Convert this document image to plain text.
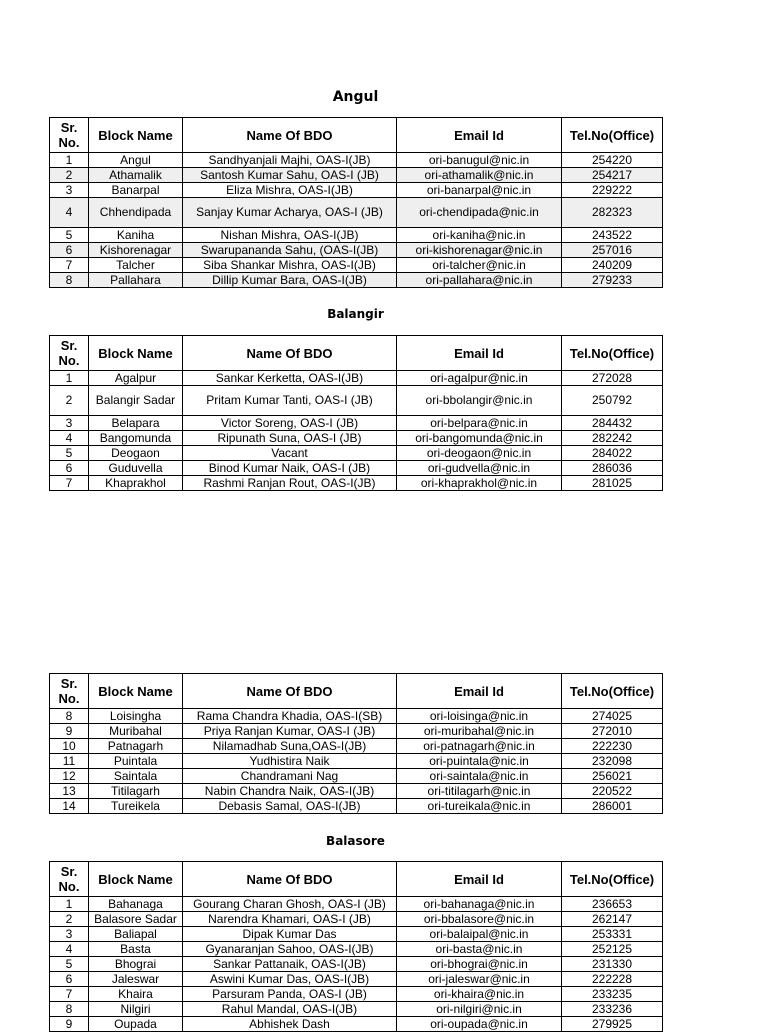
Angul
Sr. No.	Block Name	Name Of BDO	Email Id	Tel.No(Office)
1	Angul	Sandhyanjali Majhi, OAS-I(JB)	ori-banugul@nic.in	254220
2	Athamalik	Santosh Kumar Sahu, OAS-I (JB)	ori-athamalik@nic.in	254217
3	Banarpal	Eliza Mishra, OAS-I(JB)	ori-banarpal@nic.in	229222
4	Chhendipada	Sanjay Kumar Acharya, OAS-I (JB)	ori-chendipada@nic.in	282323
5	Kaniha	Nishan Mishra, OAS-I(JB)	ori-kaniha@nic.in	243522
6	Kishorenagar	Swarupananda Sahu, (OAS-I(JB)	ori-kishorenagar@nic.in	257016
7	Talcher	Siba Shankar Mishra, OAS-I(JB)	ori-talcher@nic.in	240209
8	Pallahara	Dillip Kumar Bara, OAS-I(JB)	ori-pallahara@nic.in	279233
Balangir
Sr. No.	Block Name	Name Of BDO	Email Id	Tel.No(Office)
1	Agalpur	Sankar Kerketta, OAS-I(JB)	ori-agalpur@nic.in	272028
2	Balangir Sadar	Pritam Kumar Tanti, OAS-I (JB)	ori-bbolangir@nic.in	250792
3	Belapara	Victor Soreng, OAS-I (JB)	ori-belpara@nic.in	284432
4	Bangomunda	Ripunath Suna, OAS-I (JB)	ori-bangomunda@nic.in	282242
5	Deogaon	Vacant	ori-deogaon@nic.in	284022
6	Guduvella	Binod Kumar Naik, OAS-I (JB)	ori-gudvella@nic.in	286036
7	Khaprakhol	Rashmi Ranjan Rout, OAS-I(JB)	ori-khaprakhol@nic.in	281025
Sr. No.	Block Name	Name Of BDO	Email Id	Tel.No(Office)
8	Loisingha	Rama Chandra Khadia, OAS-I(SB)	ori-loisinga@nic.in	274025
9	Muribahal	Priya Ranjan Kumar, OAS-I (JB)	ori-muribahal@nic.in	272010
10	Patnagarh	Nilamadhab Suna,OAS-I(JB)	ori-patnagarh@nic.in	222230
11	Puintala	Yudhistira Naik	ori-puintala@nic.in	232098
12	Saintala	Chandramani Nag	ori-saintala@nic.in	256021
13	Titilagarh	Nabin Chandra Naik, OAS-I(JB)	ori-titilagarh@nic.in	220522
14	Tureikela	Debasis Samal, OAS-I(JB)	ori-tureikala@nic.in	286001
Balasore
Sr. No.	Block Name	Name Of BDO	Email Id	Tel.No(Office)
1	Bahanaga	Gourang Charan Ghosh, OAS-I (JB)	ori-bahanaga@nic.in	236653
2	Balasore Sadar	Narendra Khamari, OAS-I (JB)	ori-bbalasore@nic.in	262147
3	Baliapal	Dipak Kumar Das	ori-balaipal@nic.in	253331
4	Basta	Gyanaranjan Sahoo, OAS-I(JB)	ori-basta@nic.in	252125
5	Bhograi	Sankar Pattanaik, OAS-I(JB)	ori-bhograi@nic.in	231330
6	Jaleswar	Aswini Kumar Das, OAS-I(JB)	ori-jaleswar@nic.in	222228
7	Khaira	Parsuram Panda, OAS-I (JB)	ori-khaira@nic.in	233235
8	Nilgiri	Rahul Mandal, OAS-I(JB)	ori-nilgiri@nic.in	233236
9	Oupada	Abhishek Dash	ori-oupada@nic.in	279925
